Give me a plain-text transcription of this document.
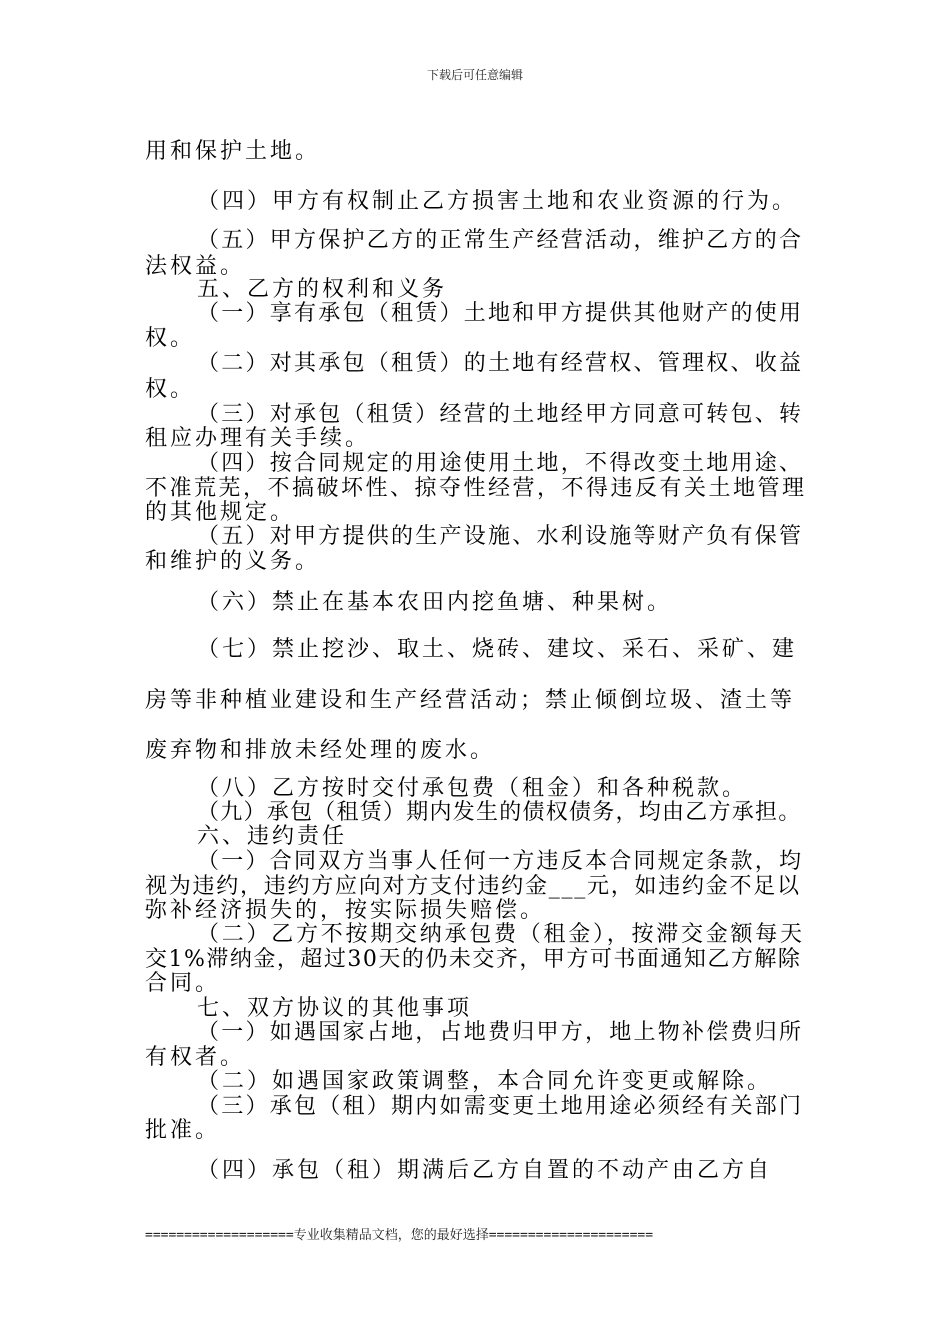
下载后可任意编辑
用和保护土地。
（四）甲方有权制止乙方损害土地和农业资源的行为。
（五）甲方保护乙方的正常生产经营活动，维护乙方的合
法权益。
五、乙方的权利和义务
（一）享有承包（租赁）土地和甲方提供其他财产的使用
权。
（二）对其承包（租赁）的土地有经营权、管理权、收益
权。
（三）对承包（租赁）经营的土地经甲方同意可转包、转
租应办理有关手续。
（四）按合同规定的用途使用土地，不得改变土地用途、
不准荒芜，不搞破坏性、掠夺性经营，不得违反有关土地管理
的其他规定。
（五）对甲方提供的生产设施、水利设施等财产负有保管
和维护的义务。
（六）禁止在基本农田内挖鱼塘、种果树。
（七）禁止挖沙、取土、烧砖、建坟、采石、采矿、建
房等非种植业建设和生产经营活动；禁止倾倒垃圾、渣土等
废弃物和排放未经处理的废水。
（八）乙方按时交付承包费（租金）和各种税款。
（九）承包（租赁）期内发生的债权债务，均由乙方承担。
六、违约责任
（一）合同双方当事人任何一方违反本合同规定条款，均
视为违约，违约方应向对方支付违约金___元，如违约金不足以
弥补经济损失的，按实际损失赔偿。
（二）乙方不按期交纳承包费（租金），按滞交金额每天
交1%滞纳金，超过30天的仍未交齐，甲方可书面通知乙方解除
合同。
七、双方协议的其他事项
（一）如遇国家占地，占地费归甲方，地上物补偿费归所
有权者。
（二）如遇国家政策调整，本合同允许变更或解除。
（三）承包（租）期内如需变更土地用途必须经有关部门
批准。
（四）承包（租）期满后乙方自置的不动产由乙方自
===================专业收集精品文档，您的最好选择=====================
